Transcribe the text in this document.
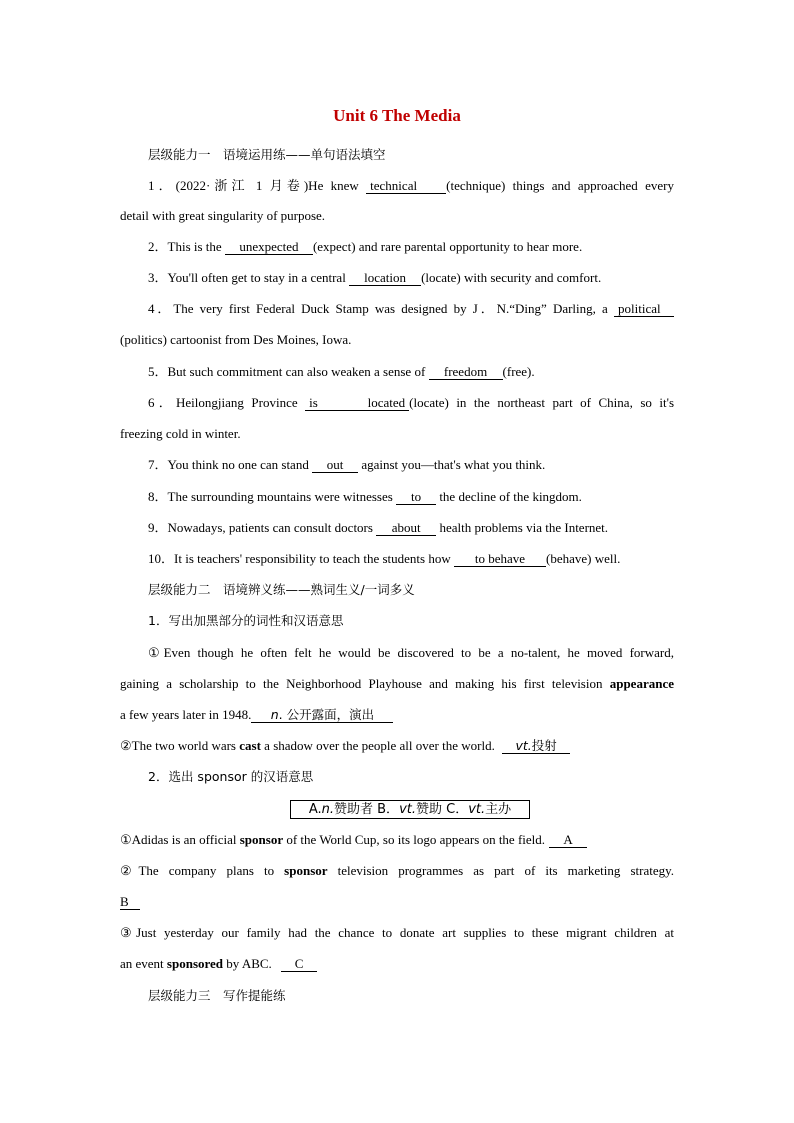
Unit 6 The Media
层级能力一　语境运用练——单句语法填空
1．(2022·浙江 1 月卷)He knew technical (technique) things and approached every
detail with great singularity of purpose.
2．This is the unexpected (expect) and rare parental opportunity to hear more.
3．You'll often get to stay in a central location (locate) with security and comfort.
4．The very first Federal Duck Stamp was designed by J．N.“Ding” Darling, a political
(politics) cartoonist from Des Moines, Iowa.
5．But such commitment can also weaken a sense of freedom (free).
6．Heilongjiang Province is located (locate) in the northeast part of China, so it's
freezing cold in winter.
7．You think no one can stand out against you—that's what you think.
8．The surrounding mountains were witnesses to the decline of the kingdom.
9．Nowadays, patients can consult doctors about health problems via the Internet.
10．It is teachers' responsibility to teach the students how to behave (behave) well.
层级能力二　语境辨义练——熟词生义/一词多义
1．写出加黑部分的词性和汉语意思
①Even though he often felt he would be discovered to be a no-talent, he moved forward,
gaining a scholarship to the Neighborhood Playhouse and making his first television appearance
a few years later in 1948. n. 公开露面，演出
②The two world wars cast a shadow over the people all over the world. vt.投射
2．选出 sponsor 的汉语意思
A.n.赞助者 B．vt.赞助 C．vt.主办
①Adidas is an official sponsor of the World Cup, so its logo appears on the field. A
②The company plans to sponsor television programmes as part of its marketing strategy.
B
③Just yesterday our family had the chance to donate art supplies to these migrant children at
an event sponsored by ABC. C
层级能力三　写作提能练
